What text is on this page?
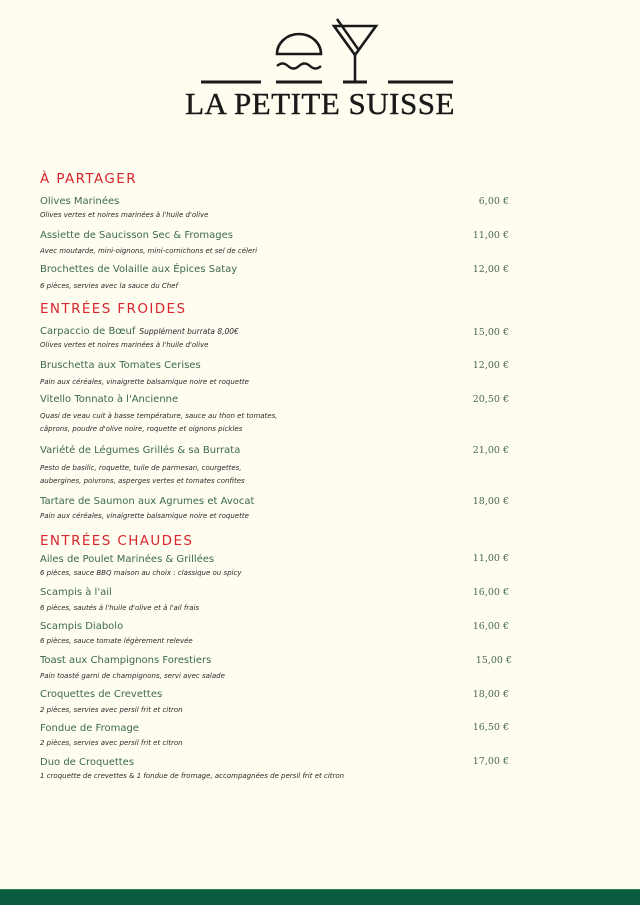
LA PETITE SUISSE
À PARTAGER
Olives Marinées
Olives vertes et noires marinées à l'huile d'olive
6,00 €
Assiette de Saucisson Sec & Fromages
Avec moutarde, mini-oignons, mini-cornichons et sel de céleri
11,00 €
Brochettes de Volaille aux Épices Satay
6 pièces, servies avec la sauce du Chef
12,00 €
ENTRÉES FROIDES
Carpaccio de Bœuf Supplément burrata 8,00€
Olives vertes et noires marinées à l'huile d'olive
15,00 €
Bruschetta aux Tomates Cerises
Pain aux céréales, vinaigrette balsamique noire et roquette
12,00 €
Vitello Tonnato à l'Ancienne
Quasi de veau cuit à basse température, sauce au thon et tomates,
câprons, poudre d'olive noire, roquette et oignons pickles
20,50 €
Variété de Légumes Grillés & sa Burrata
Pesto de basilic, roquette, tuile de parmesan, courgettes,
aubergines, poivrons, asperges vertes et tomates confites
21,00 €
Tartare de Saumon aux Agrumes et Avocat
Pain aux céréales, vinaigrette balsamique noire et roquette
18,00 €
ENTRÉES CHAUDES
Ailes de Poulet Marinées & Grillées
6 pièces, sauce BBQ maison au choix : classique ou spicy
11,00 €
Scampis à l'ail
6 pièces, sautés à l'huile d'olive et à l'ail frais
16,00 €
Scampis Diabolo
6 pièces, sauce tomate légèrement relevée
16,00 €
Toast aux Champignons Forestiers
Pain toasté garni de champignons, servi avec salade
15,00 €
Croquettes de Crevettes
2 pièces, servies avec persil frit et citron
18,00 €
Fondue de Fromage
2 pièces, servies avec persil frit et citron
16,50 €
Duo de Croquettes
1 croquette de crevettes & 1 fondue de fromage, accompagnées de persil frit et citron
17,00 €
